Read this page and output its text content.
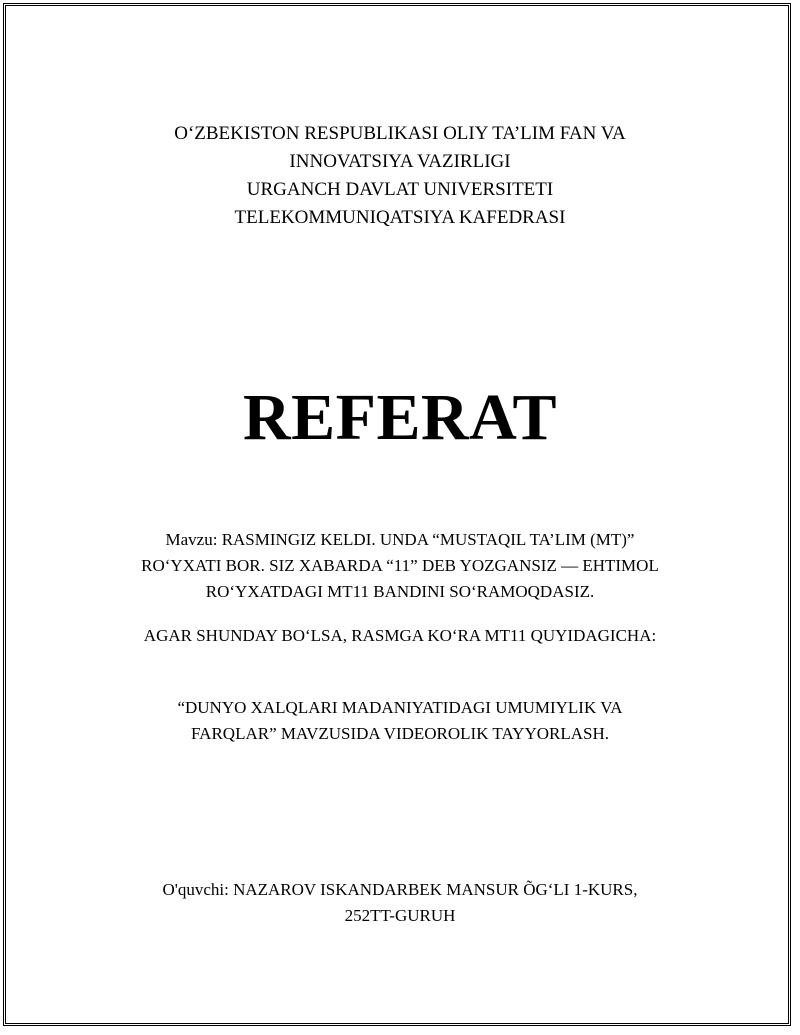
O‘ZBEKISTON RESPUBLIKASI OLIY TA’LIM FAN VA
INNOVATSIYA VAZIRLIGI
URGANCH DAVLAT UNIVERSITETI
TELEKOMMUNIQATSIYA KAFEDRASI
REFERAT
Mavzu: RASMINGIZ KELDI. UNDA “MUSTAQIL TA’LIM (MT)”
RO‘YXATI BOR. SIZ XABARDA “11” DEB YOZGANSIZ — EHTIMOL
RO‘YXATDAGI MT11 BANDINI SO‘RAMOQDASIZ.
AGAR SHUNDAY BO‘LSA, RASMGA KO‘RA MT11 QUYIDAGICHA:
“DUNYO XALQLARI MADANIYATIDAGI UMUMIYLIK VA
FARQLAR” MAVZUSIDA VIDEOROLIK TAYYORLASH.
O'quvchi: NAZAROV ISKANDARBEK MANSUR ÕG‘LI 1-KURS,
252TT-GURUH
